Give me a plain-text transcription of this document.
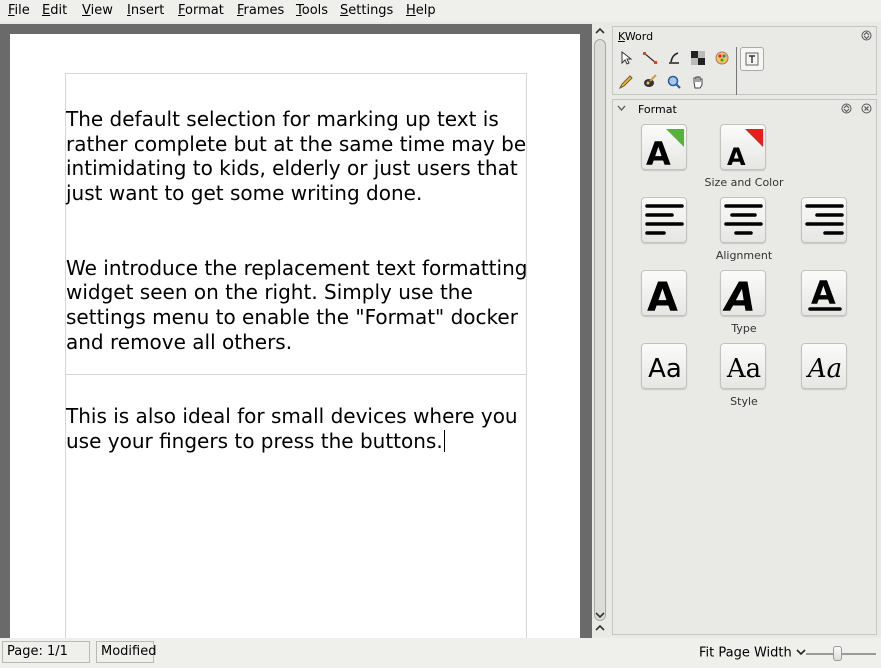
File Edit View Insert Format Frames Tools Settings Help

The default selection for marking up text is rather complete but at the same time may be intimidating to kids, elderly or just users that just want to get some writing done.

We introduce the replacement text formatting widget seen on the right. Simply use the settings menu to enable the "Format" docker and remove all others.

This is also ideal for small devices where you use your fingers to press the buttons.

KWord
Format
A A
Size and Color
Alignment
A A A
Type
Aa Aa Aa
Style
Page: 1/1	Modified	Fit Page Width
